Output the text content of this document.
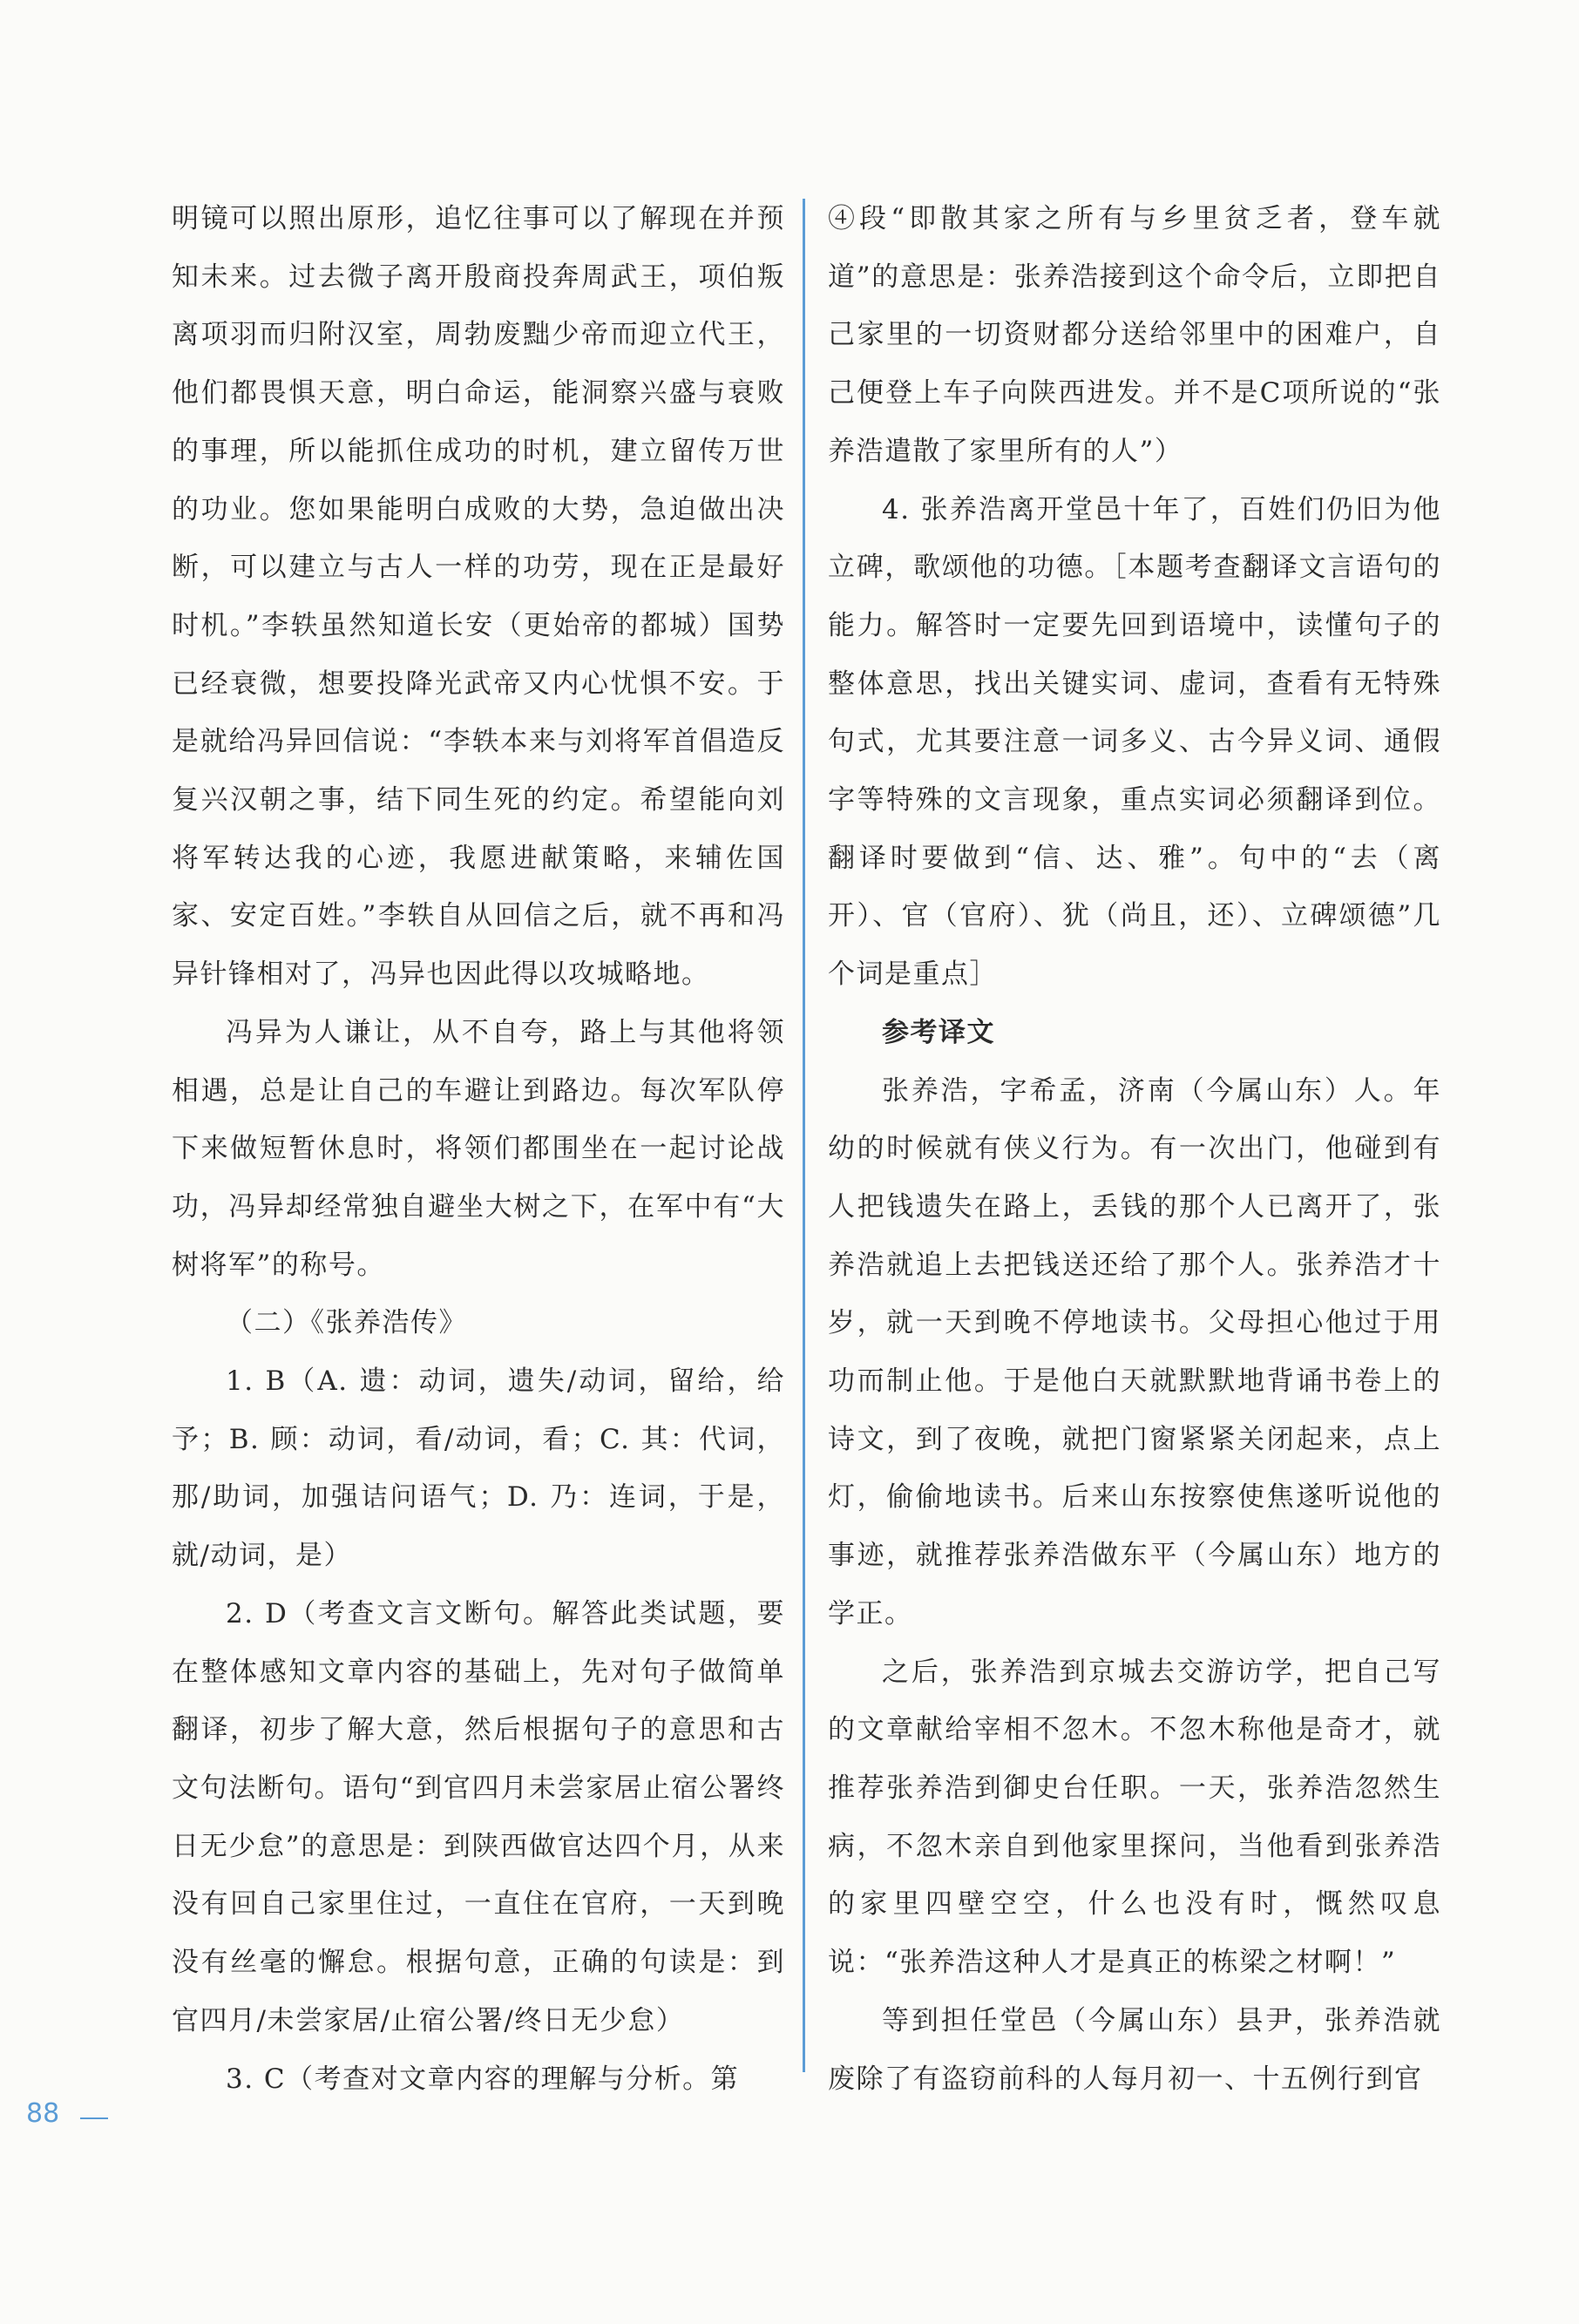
明镜可以照出原形，追忆往事可以了解现在并预知未来。过去微子离开殷商投奔周武王，项伯叛离项羽而归附汉室，周勃废黜少帝而迎立代王，他们都畏惧天意，明白命运，能洞察兴盛与衰败的事理，所以能抓住成功的时机，建立留传万世的功业。您如果能明白成败的大势，急迫做出决断，可以建立与古人一样的功劳，现在正是最好时机。”李轶虽然知道长安（更始帝的都城）国势已经衰微，想要投降光武帝又内心忧惧不安。于是就给冯异回信说：“李轶本来与刘将军首倡造反复兴汉朝之事，结下同生死的约定。希望能向刘将军转达我的心迹，我愿进献策略，来辅佐国家、安定百姓。”李轶自从回信之后，就不再和冯异针锋相对了，冯异也因此得以攻城略地。

冯异为人谦让，从不自夸，路上与其他将领相遇，总是让自己的车避让到路边。每次军队停下来做短暂休息时，将领们都围坐在一起讨论战功，冯异却经常独自避坐大树之下，在军中有“大树将军”的称号。

（二）《张养浩传》

1. B（A. 遗：动词，遗失/动词，留给，给予；B. 顾：动词，看/动词，看；C. 其：代词，那/助词，加强诘问语气；D. 乃：连词，于是，就/动词，是）

2. D（考查文言文断句。解答此类试题，要在整体感知文章内容的基础上，先对句子做简单翻译，初步了解大意，然后根据句子的意思和古文句法断句。语句“到官四月未尝家居止宿公署终日无少怠”的意思是：到陕西做官达四个月，从来没有回自己家里住过，一直住在官府，一天到晚没有丝毫的懈怠。根据句意，正确的句读是：到官四月/未尝家居/止宿公署/终日无少怠）

3. C（考查对文章内容的理解与分析。第

④段“即散其家之所有与乡里贫乏者，登车就道”的意思是：张养浩接到这个命令后，立即把自己家里的一切资财都分送给邻里中的困难户，自己便登上车子向陕西进发。并不是C项所说的“张养浩遣散了家里所有的人”）

4. 张养浩离开堂邑十年了，百姓们仍旧为他立碑，歌颂他的功德。［本题考查翻译文言语句的能力。解答时一定要先回到语境中，读懂句子的整体意思，找出关键实词、虚词，查看有无特殊句式，尤其要注意一词多义、古今异义词、通假字等特殊的文言现象，重点实词必须翻译到位。翻译时要做到“信、达、雅”。句中的“去（离开）、官（官府）、犹（尚且，还）、立碑颂德”几个词是重点］

参考译文

张养浩，字希孟，济南（今属山东）人。年幼的时候就有侠义行为。有一次出门，他碰到有人把钱遗失在路上，丢钱的那个人已离开了，张养浩就追上去把钱送还给了那个人。张养浩才十岁，就一天到晚不停地读书。父母担心他过于用功而制止他。于是他白天就默默地背诵书卷上的诗文，到了夜晚，就把门窗紧紧关闭起来，点上灯，偷偷地读书。后来山东按察使焦遂听说他的事迹，就推荐张养浩做东平（今属山东）地方的学正。

之后，张养浩到京城去交游访学，把自己写的文章献给宰相不忽木。不忽木称他是奇才，就推荐张养浩到御史台任职。一天，张养浩忽然生病，不忽木亲自到他家里探问，当他看到张养浩的家里四壁空空，什么也没有时，慨然叹息说：“张养浩这种人才是真正的栋梁之材啊！”

等到担任堂邑（今属山东）县尹，张养浩就废除了有盗窃前科的人每月初一、十五例行到官

88
